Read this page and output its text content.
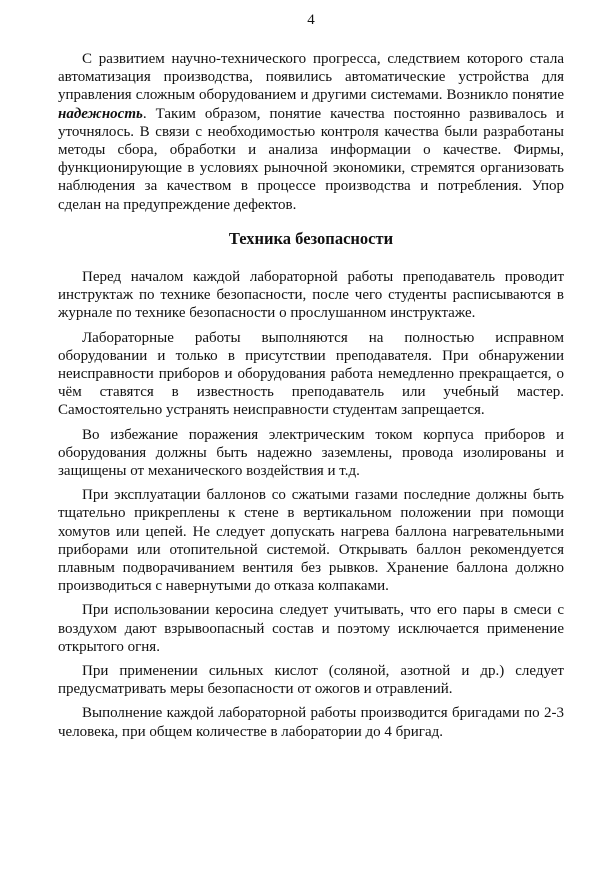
4

С развитием научно-технического прогресса, следствием которого стала автоматизация производства, появились автоматические устройства для управления сложным оборудованием и другими системами. Возникло понятие надежность. Таким образом, понятие качества постоянно развивалось и уточнялось. В связи с необходимостью контроля качества были разработаны методы сбора, обработки и анализа информации о качестве. Фирмы, функционирующие в условиях рыночной экономики, стремятся организовать наблюдения за качеством в процессе производства и потребления. Упор сделан на предупреждение дефектов.

Техника безопасности

Перед началом каждой лабораторной работы преподаватель проводит инструктаж по технике безопасности, после чего студенты расписываются в журнале по технике безопасности о прослушанном инструктаже.

Лабораторные работы выполняются на полностью исправном оборудовании и только в присутствии преподавателя. При обнаружении неисправности приборов и оборудования работа немедленно прекращается, о чём ставятся в известность преподаватель или учебный мастер. Самостоятельно устранять неисправности студентам запрещается.

Во избежание поражения электрическим током корпуса приборов и оборудования должны быть надежно заземлены, провода изолированы и защищены от механического воздействия и т.д.

При эксплуатации баллонов со сжатыми газами последние должны быть тщательно прикреплены к стене в вертикальном положении при помощи хомутов или цепей. Не следует допускать нагрева баллона нагревательными приборами или отопительной системой. Открывать баллон рекомендуется плавным подворачиванием вентиля без рывков. Хранение баллона должно производиться с навернутыми до отказа колпаками.

При использовании керосина следует учитывать, что его пары в смеси с воздухом дают взрывоопасный состав и поэтому исключается применение открытого огня.

При применении сильных кислот (соляной, азотной и др.) следует предусматривать меры безопасности от ожогов и отравлений.

Выполнение каждой лабораторной работы производится бригадами по 2-3 человека, при общем количестве в лаборатории до 4 бригад.
